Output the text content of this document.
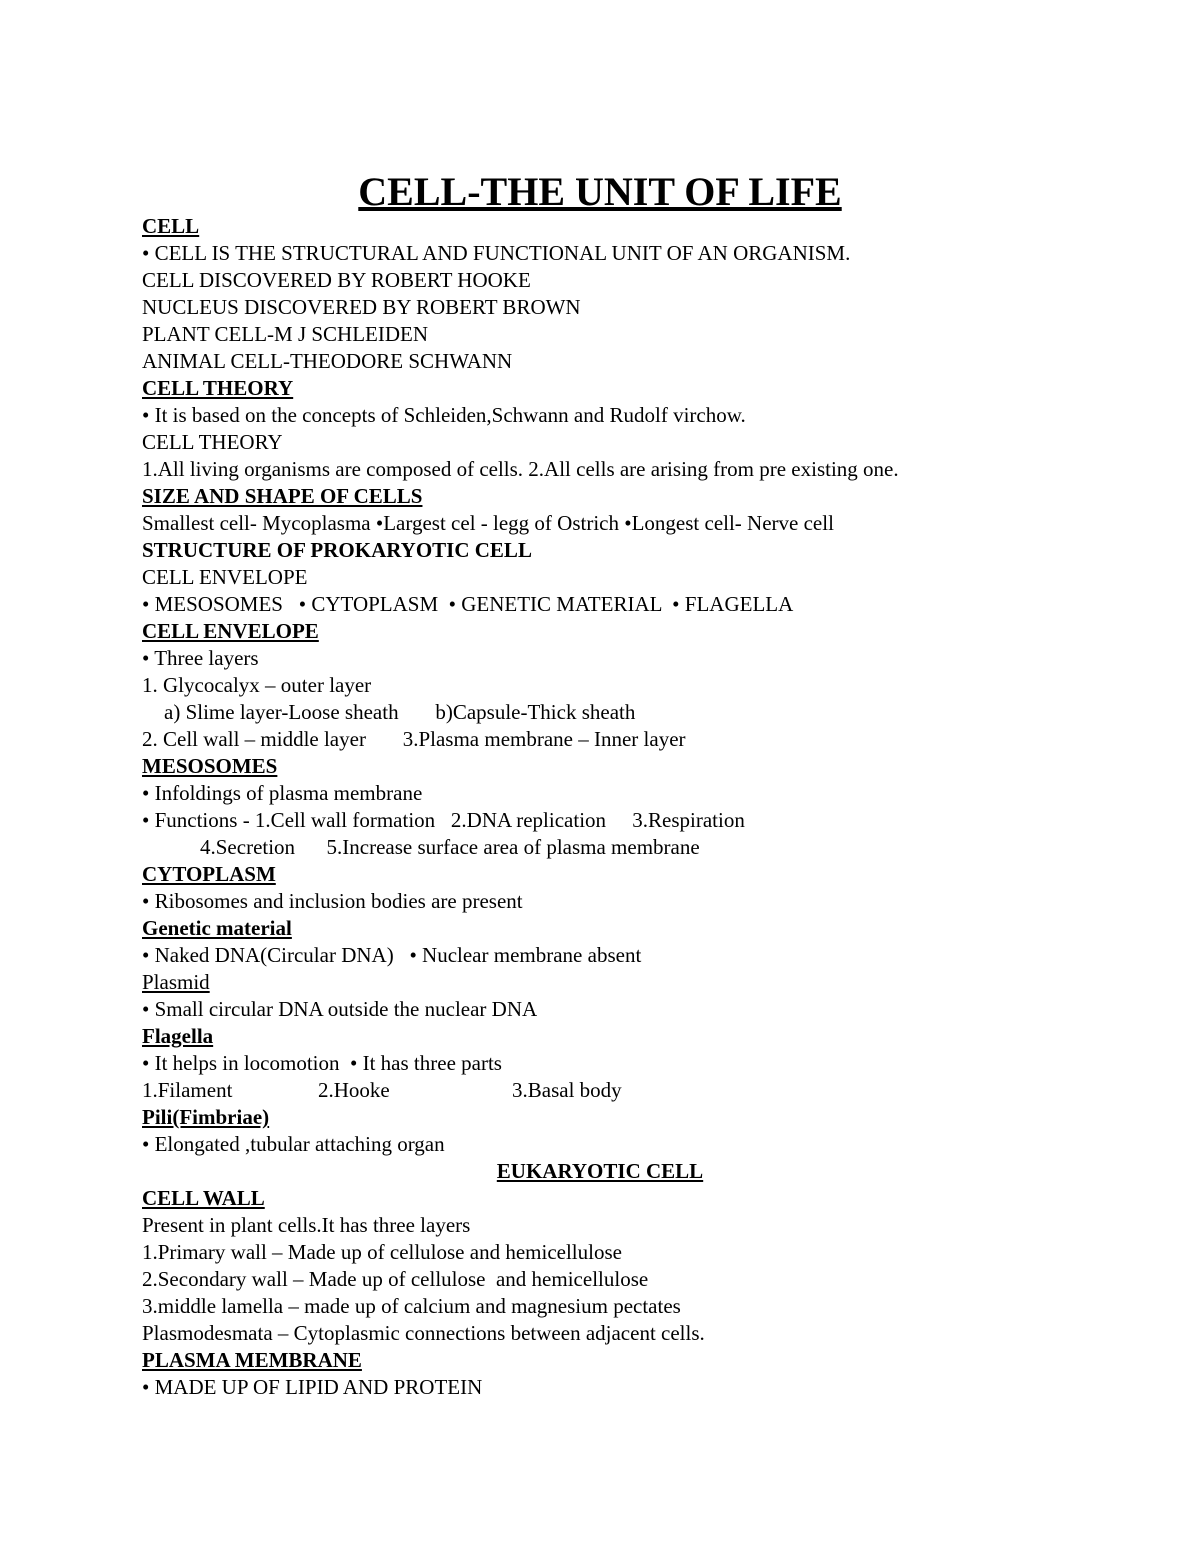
CELL-THE UNIT OF LIFE
CELL
• CELL IS THE STRUCTURAL AND FUNCTIONAL UNIT OF AN ORGANISM.
CELL DISCOVERED BY ROBERT HOOKE
NUCLEUS DISCOVERED BY ROBERT BROWN
PLANT CELL-M J SCHLEIDEN
ANIMAL CELL-THEODORE SCHWANN
CELL THEORY
• It is based on the concepts of Schleiden,Schwann and Rudolf virchow.
CELL THEORY
1.All living organisms are composed of cells. 2.All cells are arising from pre existing one.
SIZE AND SHAPE OF CELLS
Smallest cell- Mycoplasma •Largest cel - legg of Ostrich •Longest cell- Nerve cell
STRUCTURE OF PROKARYOTIC CELL
CELL ENVELOPE
• MESOSOMES   • CYTOPLASM  • GENETIC MATERIAL  • FLAGELLA
CELL ENVELOPE
• Three layers
1. Glycocalyx – outer layer
a) Slime layer-Loose sheath       b)Capsule-Thick sheath
2. Cell wall – middle layer       3.Plasma membrane – Inner layer
MESOSOMES
• Infoldings of plasma membrane
• Functions - 1.Cell wall formation   2.DNA replication     3.Respiration
4.Secretion      5.Increase surface area of plasma membrane
CYTOPLASM
• Ribosomes and inclusion bodies are present
Genetic material
• Naked DNA(Circular DNA)   • Nuclear membrane absent
Plasmid
• Small circular DNA outside the nuclear DNA
Flagella
• It helps in locomotion  • It has three parts
1.Filament	2.Hooke	3.Basal body
Pili(Fimbriae)
• Elongated ,tubular attaching organ
EUKARYOTIC CELL
CELL WALL
Present in plant cells.It has three layers
1.Primary wall – Made up of cellulose and hemicellulose
2.Secondary wall – Made up of cellulose  and hemicellulose
3.middle lamella – made up of calcium and magnesium pectates
Plasmodesmata – Cytoplasmic connections between adjacent cells.
PLASMA MEMBRANE
• MADE UP OF LIPID AND PROTEIN
